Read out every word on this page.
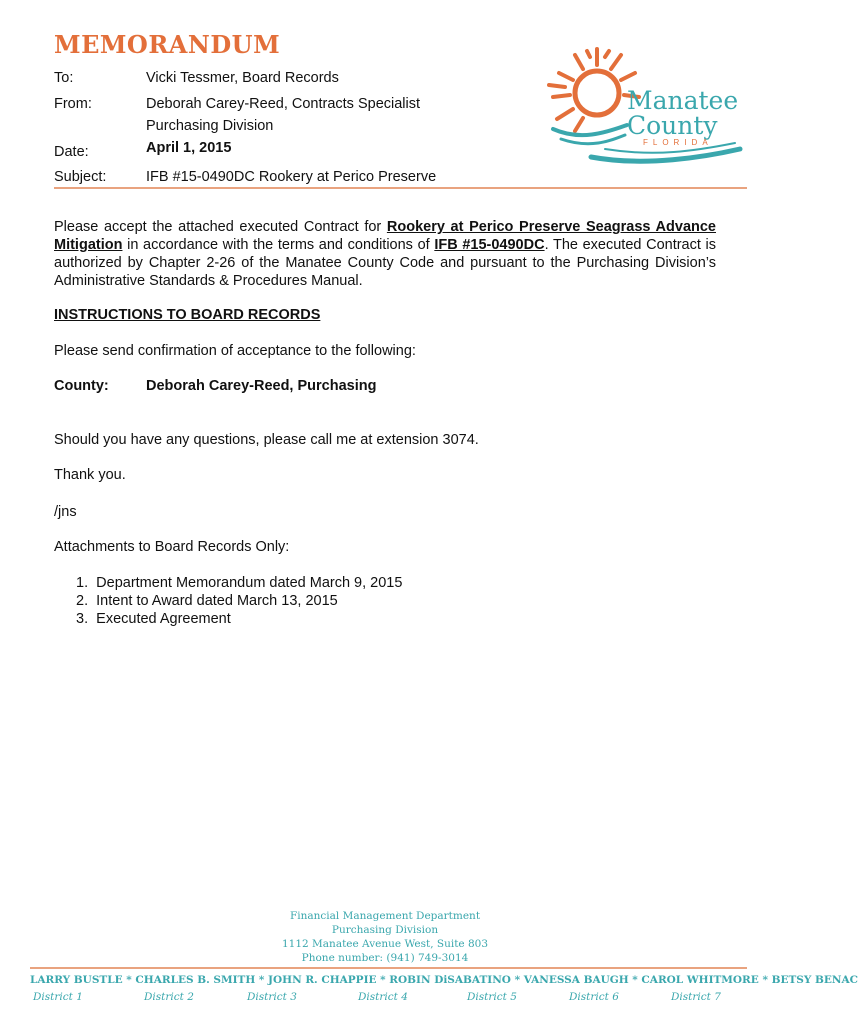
MEMORANDUM
To:	Vicki Tessmer, Board Records
From:	Deborah Carey-Reed, Contracts Specialist
Purchasing Division
Date:	April 1, 2015
Subject:	IFB #15-0490DC Rookery at Perico Preserve
Manatee
County
FLORIDA
Please accept the attached executed Contract for Rookery at Perico Preserve Seagrass Advance Mitigation in accordance with the terms and conditions of IFB #15-0490DC. The executed Contract is authorized by Chapter 2-26 of the Manatee County Code and pursuant to the Purchasing Division’s Administrative Standards & Procedures Manual.
INSTRUCTIONS TO BOARD RECORDS
Please send confirmation of acceptance to the following:
County:	Deborah Carey-Reed, Purchasing
Should you have any questions, please call me at extension 3074.
Thank you.
/jns
Attachments to Board Records Only:
1.  Department Memorandum dated March 9, 2015
2.  Intent to Award dated March 13, 2015
3.  Executed Agreement
Financial Management Department
Purchasing Division
1112 Manatee Avenue West, Suite 803
Phone number: (941) 749-3014
LARRY BUSTLE * CHARLES B. SMITH * JOHN R. CHAPPIE * ROBIN DiSABATINO * VANESSA BAUGH * CAROL WHITMORE * BETSY BENAC
District 1	District 2	District 3	District 4	District 5	District 6	District 7
